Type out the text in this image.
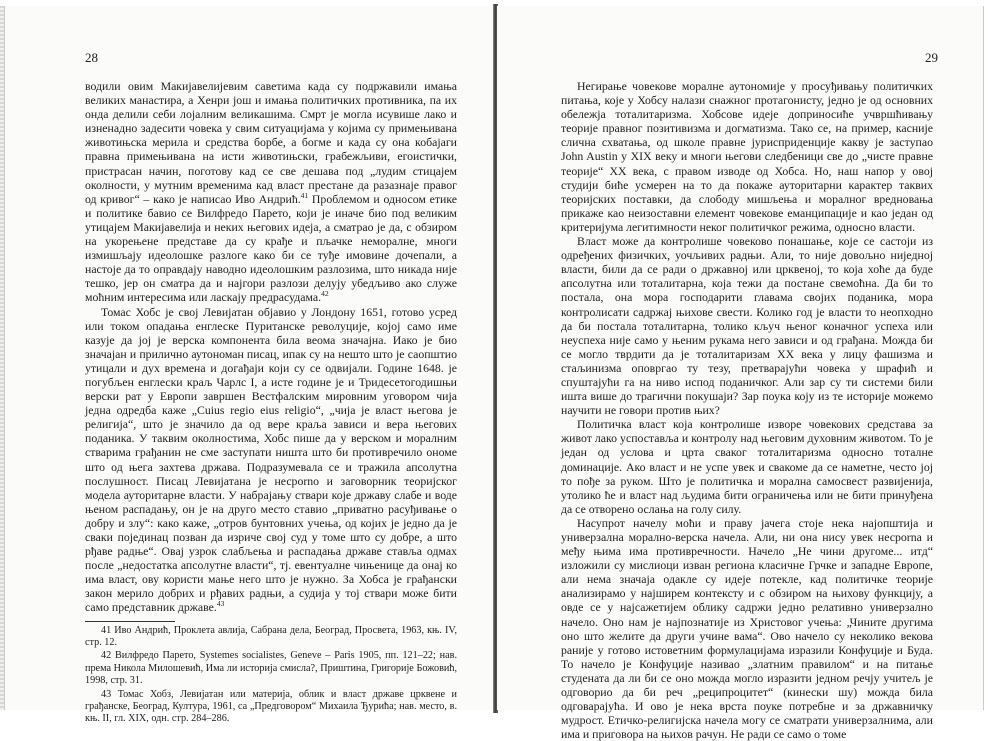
28

водили овим Макијавелијевим саветима када су подржавили имања великих манастира, а Хенри још и имања политичких противника, па их онда делили себи лојалним великашима. Смрт је могла исувише лако и изненадно задесити човека у свим ситуацијама у којима су примењивана животињска мерила и средства борбе, а богме и када су она кобајаги правна примењивана на исти животињски, грабежљиви, егоистички, пристрасан начин, поготову кад се све дешава под „лудим стицајем околности, у мутним временима кад власт престане да разазнаје правог од кривог“ – како је написао Иво Андрић.$^{41}$ Проблемом и односом етике и политике бавио се Вилфредо Парето, који је иначе био под великим утицајем Макијавелија и неких његових идеја, а сматрао је да, с обзиром на укорењене представе да су крађе и пљачке неморалне, многи измишљају идеолошке разлоге како би се туђе имовине дочепали, а настоје да то оправдају наводно идеолошким разлозима, што никада није тешко, јер он сматра да и најгори разлози делују убедљиво ако служе моћним интересима или ласкају предрасудама.$^{42}$

Томас Хобс је свој Левијатан објавио у Лондону 1651, готово усред или током опадања енглеске Пуританске револуције, којој само име казује да јој је верска компонента била веома значајна. Иако је био значајан и прилично аутономан писац, ипак су на нешто што је саопштио утицали и дух времена и догађаји који су се одвијали. Године 1648. је погубљен енглески краљ Чарлс I, а исте године је и Тридесетогодишњи верски рат у Европи завршен Вестфалским мировним уговором чија једна одредба каже „Cuius regio eius religio“, „чија је власт његова је религија“, што је значило да од вере краља зависи и вера његових поданика. У таквим околностима, Хобс пише да у верском и моралним стварима грађанин не сме заступати ништа што би противречило ономе што од њега захтева држава. Подразумевала се и тражила апсолутна послушност. Писац Левијатана је несporno и заговорник теоријског модела ауторитарне власти. У набрајању ствари које државу слабе и воде њеном распадању, он је на друго место ставио „приватно расуђивање о добру и злу“: како каже, „отров бунтовних учења, од којих је једно да је сваки појединац позван да изриче свој суд у томе што су добре, а што рђаве радње“. Овај узрок слабљења и распадања државе стављa одмах после „недостатка апсолутне власти“, тј. евентуалне чињенице да онај ко има власт, ову користи мање него што је нужно. За Хобса је грађански закон мерило добрих и рђавих радњи, а судија у тој ствари може бити само представник државе.$^{43}$

41 Иво Андрић, Проклета авлија, Сабрана дела, Београд, Просвета, 1963, књ. IV, стр. 12.

42 Вилфредо Парето, Systemes socialistes, Geneve – Paris 1905, пп. 121–22; нав. према Никола Милошевић, Има ли историја смисла?, Приштина, Григорије Божовић, 1998, стр. 31.

43 Томас Хобз, Левијатан или материја, облик и власт државе црквене и грађанске, Београд, Култура, 1961, са „Предговором“ Михаила Ђурића; нав. место, в. књ. II, гл. XIX, одн. стр. 284–286.

29

Негирање човекове моралне аутономије у просуђивању политичких питања, које у Хобсу налази снажног протагонисту, једно је од основних обележја тоталитаризма. Хобсове идеје доприносиће учвршћивању теорије правног позитивизма и догматизма. Тако се, на пример, касније слична схватања, од школе правне јурисприденције какву је заступао John Austin у XIX веку и многи његови следбеници све до „чисте правне теорије“ XX века, с правом изводе од Хобса. Но, наш напор у овој студији биће усмерен на то да покаже ауторитарни карактер таквих теоријских поставки, да слободу мишљења и моралног вредновања прикаже као неизоставни елемент човекове еманципације и као један од критеријума легитимности неког политичког режима, односно власти.

Власт може да контролише човеково понашање, које се састоји из одређених физичких, уочљивих радњи. Али, то није довољно ниједној власти, били да се ради о државној или црквеној, то која хоће да буде апсолутна или тоталитарна, која тежи да постане свемоћна. Да би то постала, она мора господарити главама својих поданика, мора контролисати садржај њихове свести. Колико год је власти то неопходно да би постала тоталитарна, толико кључ њеног коначног успеха или неуспеха није само у њеним рукама него зависи и од грађана. Можда би се могло тврдити да је тоталитаризам XX века у лицу фашизма и стаљинизма оповргао ту тезу, претварајући човека у шрафић и спуштајући га на ниво испод поданичког. Али зар су ти системи били ишта више до трагични покушаји? Зар поука коју из те историје можемо научити не говори против њих?

Политичка власт која контролише изворе човекових средстава за живот лако успоставља и контролу над његовим духовним животом. То је један од услова и црта сваког тоталитаризма односно тоталне доминације. Ако власт и не успе увек и свакоме да се наметне, често јој то пође за руком. Што је политичка и морална самосвест развијенија, утолико ће и власт над људима бити ограничења или не бити принуђена да се отворено ослања на голу силу.

Насупрот начелу моћи и праву јачега стоје нека најопштија и универзална морално-верска начела. Али, ни она нису увек несporna и међу њима има противречности. Начело „Не чини другоме... итд“ изложили су мислиоци изван региона класичне Грчке и западне Европе, али нема значаја одакле су идеје потекле, кад политичке теорије анализирамо у најширем контексту и с обзиром на њихову функцију, а овде се у најсажетијем облику садржи једно релативно универзално начело. Оно нам је најпознатије из Христовог учења: „Чините другима оно што желите да други учине вама“. Ово начело су неколико векова раније у готово истоветним формулацијама изразили Конфуције и Буда. То начело је Конфуције називао „златним правилом“ и на питање студената да ли би се оно можда могло изразити једном речју учитељ је одговорио да би реч „реципроцитет“ (кинески шу) можда била одговарајућа. И ово је нека врста поуке потребне и за државничку мудрост. Етичко-религијска начела могу се сматрати универзалнима, али има и приговора на њихов рачун. Не ради се само о томе
